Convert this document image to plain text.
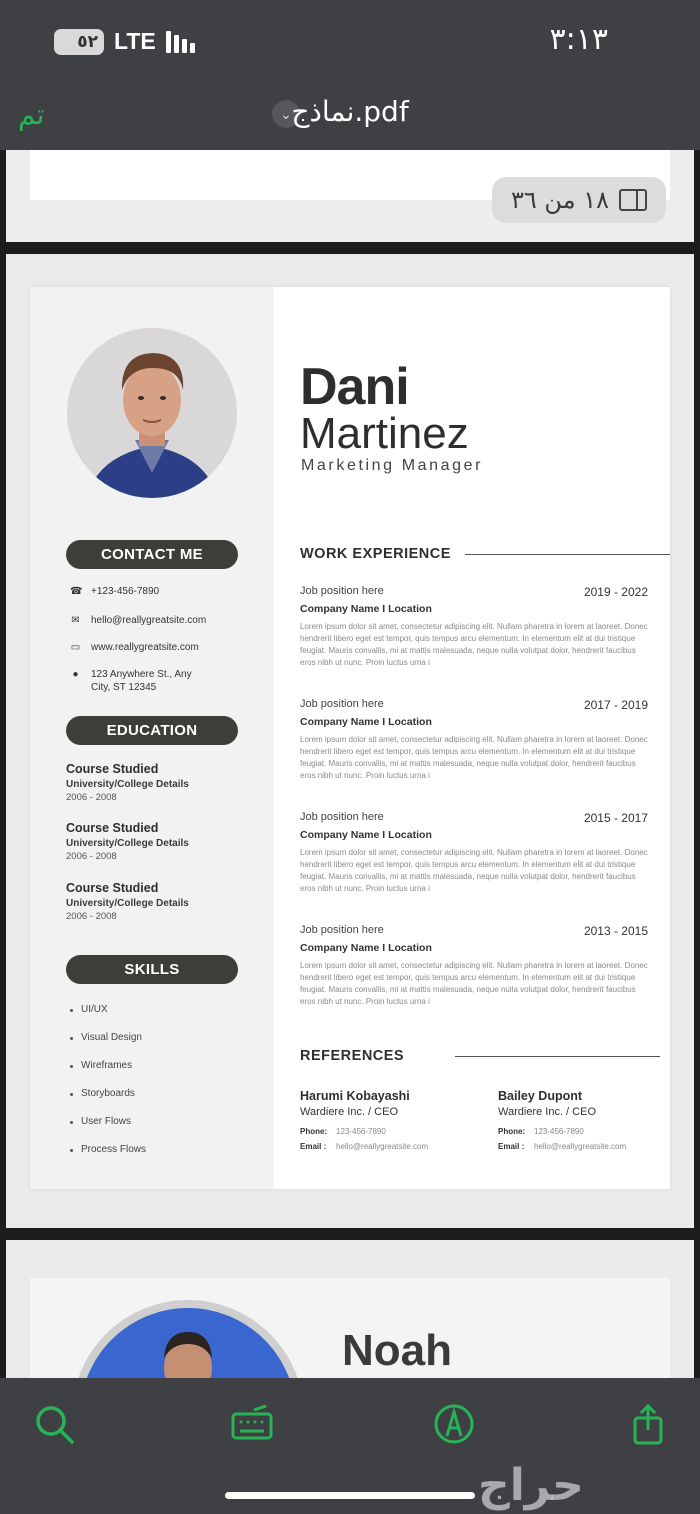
٥٢ LTE	٣:١٣
تم	⌄ نماذج.pdf
١٨ من ٣٦
CONTACT ME
☎ +123-456-7890
✉ hello@reallygreatsite.com
▭ www.reallygreatsite.com
● 123 Anywhere St., Any
City, ST 12345
EDUCATION
Course Studied
University/College Details
2006 - 2008
Course Studied
University/College Details
2006 - 2008
Course Studied
University/College Details
2006 - 2008
SKILLS
UI/UX
Visual Design
Wireframes
Storyboards
User Flows
Process Flows
Dani
Martinez
Marketing Manager
WORK EXPERIENCE
Job position here	2019 - 2022
Company Name I Location
Lorem ipsum dolor sit amet, consectetur adipiscing elit. Nullam pharetra in lorem at laoreet. Donec hendrerit libero eget est tempor, quis tempus arcu elementum. In elementum elit at dui tristique feugiat. Mauris convallis, mi at mattis malesuada, neque nulla volutpat dolor, hendrerit faucibus eros nibh ut nunc. Proin luctus urna i
Job position here	2017 - 2019
Company Name I Location
Lorem ipsum dolor sit amet, consectetur adipiscing elit. Nullam pharetra in lorem at laoreet. Donec hendrerit libero eget est tempor, quis tempus arcu elementum. In elementum elit at dui tristique feugiat. Mauris convallis, mi at mattis malesuada, neque nulla volutpat dolor, hendrerit faucibus eros nibh ut nunc. Proin luctus urna i
Job position here	2015 - 2017
Company Name I Location
Lorem ipsum dolor sit amet, consectetur adipiscing elit. Nullam pharetra in lorem at laoreet. Donec hendrerit libero eget est tempor, quis tempus arcu elementum. In elementum elit at dui tristique feugiat. Mauris convallis, mi at mattis malesuada, neque nulla volutpat dolor, hendrerit faucibus eros nibh ut nunc. Proin luctus urna i
Job position here	2013 - 2015
Company Name I Location
Lorem ipsum dolor sit amet, consectetur adipiscing elit. Nullam pharetra in lorem at laoreet. Donec hendrerit libero eget est tempor, quis tempus arcu elementum. In elementum elit at dui tristique feugiat. Mauris convallis, mi at mattis malesuada, neque nulla volutpat dolor, hendrerit faucibus eros nibh ut nunc. Proin luctus urna i
REFERENCES
Harumi Kobayashi
Wardiere Inc. / CEO
Phone:	123-456-7890
Email :	hello@reallygreatsite.com
Bailey Dupont
Wardiere Inc. / CEO
Phone:	123-456-7890
Email :	hello@reallygreatsite.com
Noah
حراج
